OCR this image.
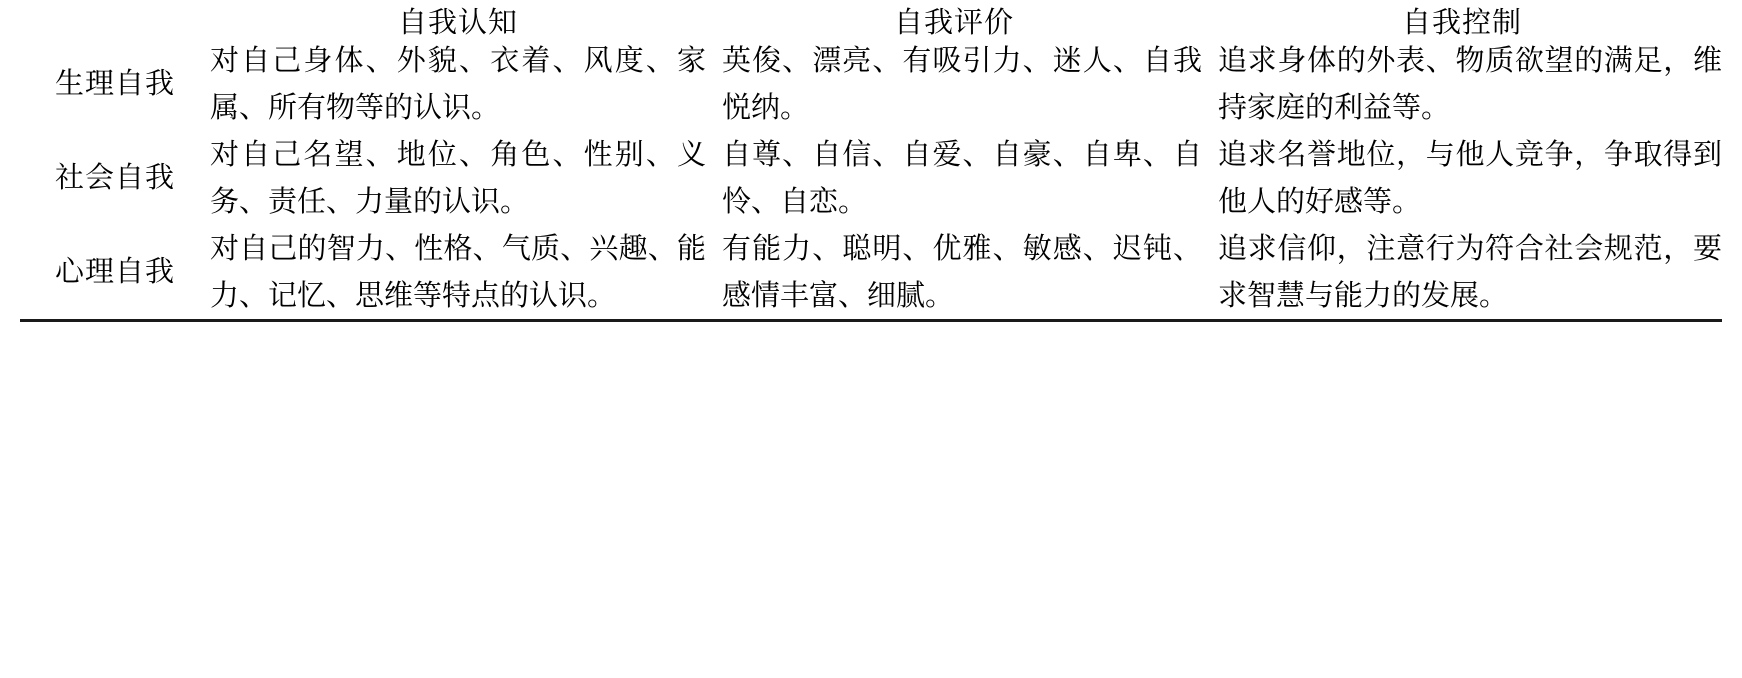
	自我认知	自我评价	自我控制
生理自我	对自己身体、外貌、衣着、风度、家属、所有物等的认识。	英俊、漂亮、有吸引力、迷人、自我悦纳。	追求身体的外表、物质欲望的满足，维持家庭的利益等。
社会自我	对自己名望、地位、角色、性别、义务、责任、力量的认识。	自尊、自信、自爱、自豪、自卑、自怜、自恋。	追求名誉地位，与他人竞争，争取得到他人的好感等。
心理自我	对自己的智力、性格、气质、兴趣、能力、记忆、思维等特点的认识。	有能力、聪明、优雅、敏感、迟钝、感情丰富、细腻。	追求信仰，注意行为符合社会规范，要求智慧与能力的发展。
